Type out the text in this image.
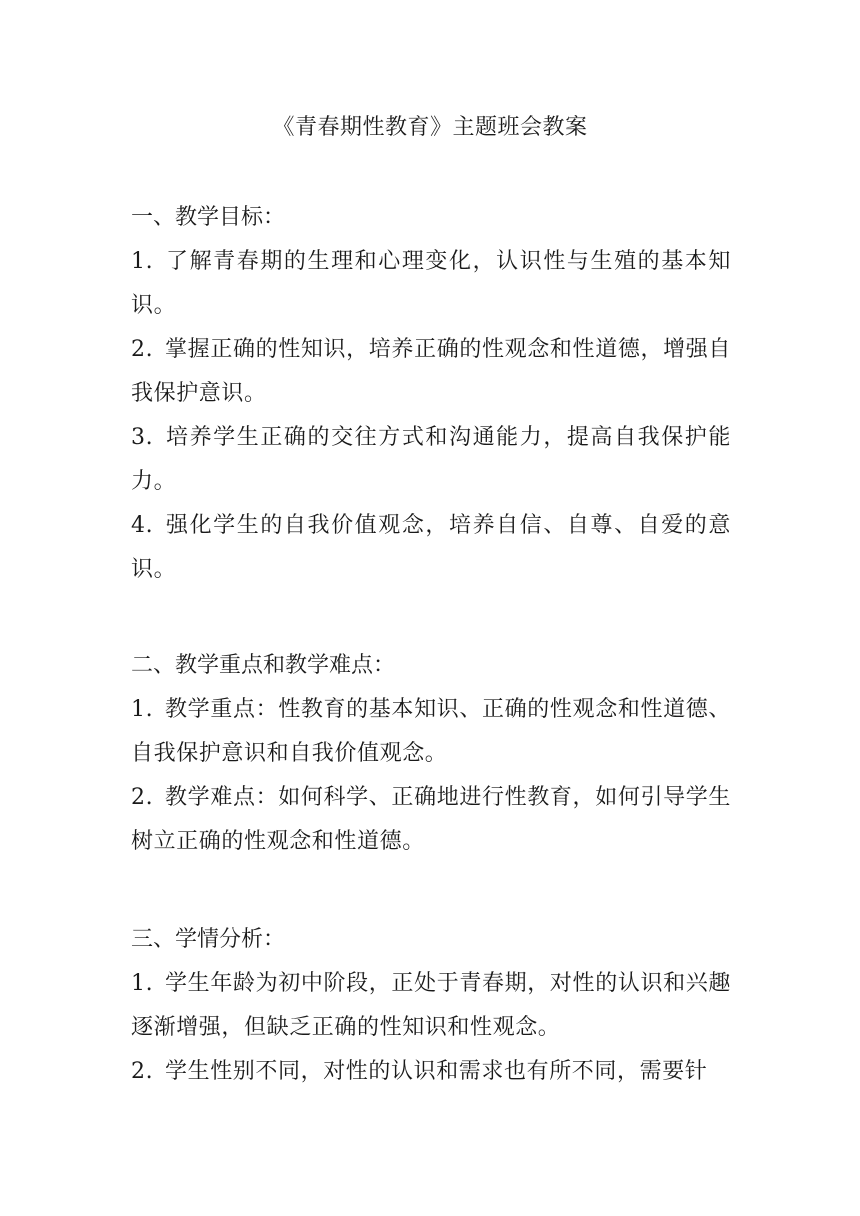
《青春期性教育》主题班会教案

一、教学目标：

1. 了解青春期的生理和心理变化，认识性与生殖的基本知识。

2. 掌握正确的性知识，培养正确的性观念和性道德，增强自我保护意识。

3. 培养学生正确的交往方式和沟通能力，提高自我保护能力。

4. 强化学生的自我价值观念，培养自信、自尊、自爱的意识。

二、教学重点和教学难点：

1. 教学重点：性教育的基本知识、正确的性观念和性道德、自我保护意识和自我价值观念。

2. 教学难点：如何科学、正确地进行性教育，如何引导学生树立正确的性观念和性道德。

三、学情分析：

1. 学生年龄为初中阶段，正处于青春期，对性的认识和兴趣逐渐增强，但缺乏正确的性知识和性观念。

2. 学生性别不同，对性的认识和需求也有所不同，需要针
